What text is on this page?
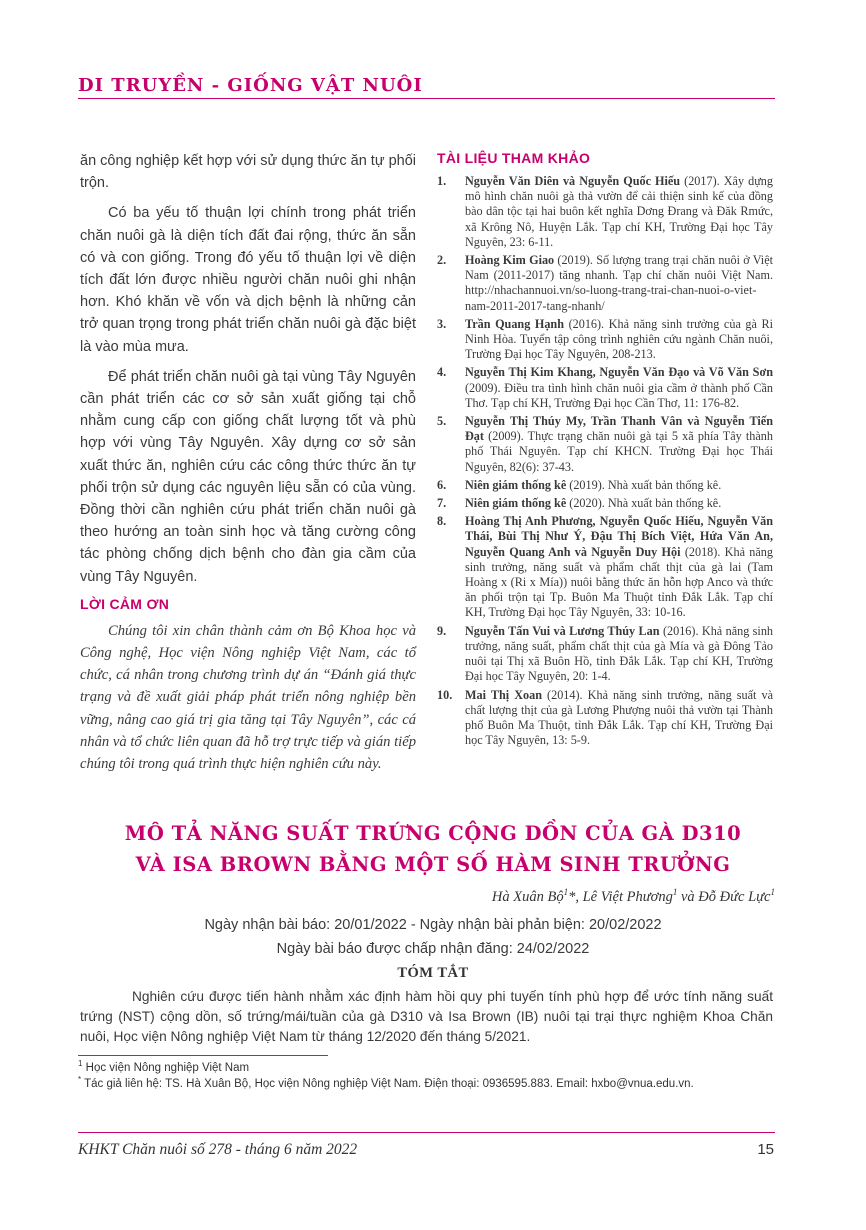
DI TRUYỀN - GIỐNG VẬT NUÔI

ăn công nghiệp kết hợp với sử dụng thức ăn tự phối trộn.

Có ba yếu tố thuận lợi chính trong phát triển chăn nuôi gà là diện tích đất đai rộng, thức ăn sẵn có và con giống. Trong đó yếu tố thuận lợi về diện tích đất lớn được nhiều người chăn nuôi ghi nhận hơn. Khó khăn về vốn và dịch bệnh là những cản trở quan trọng trong phát triển chăn nuôi gà đặc biệt là vào mùa mưa.

Để phát triển chăn nuôi gà tại vùng Tây Nguyên cần phát triển các cơ sở sản xuất giống tại chỗ nhằm cung cấp con giống chất lượng tốt và phù hợp với vùng Tây Nguyên. Xây dựng cơ sở sản xuất thức ăn, nghiên cứu các công thức thức ăn tự phối trộn sử dụng các nguyên liệu sẵn có của vùng. Đồng thời cần nghiên cứu phát triển chăn nuôi gà theo hướng an toàn sinh học và tăng cường công tác phòng chống dịch bệnh cho đàn gia cầm của vùng Tây Nguyên.

LỜI CẢM ƠN

Chúng tôi xin chân thành cảm ơn Bộ Khoa học và Công nghệ, Học viện Nông nghiệp Việt Nam, các tổ chức, cá nhân trong chương trình dự án “Đánh giá thực trạng và đề xuất giải pháp phát triển nông nghiệp bền vững, nâng cao giá trị gia tăng tại Tây Nguyên”, các cá nhân và tổ chức liên quan đã hỗ trợ trực tiếp và gián tiếp chúng tôi trong quá trình thực hiện nghiên cứu này.

TÀI LIỆU THAM KHẢO
1.	Nguyễn Văn Diên và Nguyễn Quốc Hiếu (2017). Xây dựng mô hình chăn nuôi gà thả vườn để cải thiện sinh kế của đồng bào dân tộc tại hai buôn kết nghĩa Dơng Đrang và Đăk Rmức, xã Krông Nô, Huyện Lắk. Tạp chí KH, Trường Đại học Tây Nguyên, 23: 6-11.
2.	Hoàng Kim Giao (2019). Số lượng trang trại chăn nuôi ở Việt Nam (2011-2017) tăng nhanh. Tạp chí chăn nuôi Việt Nam. http://nhachannuoi.vn/so-luong-trang-trai-chan-nuoi-o-viet-nam-2011-2017-tang-nhanh/
3.	Trần Quang Hạnh (2016). Khả năng sinh trưởng của gà Ri Ninh Hòa. Tuyển tập công trình nghiên cứu ngành Chăn nuôi, Trường Đại học Tây Nguyên, 208-213.
4.	Nguyễn Thị Kim Khang, Nguyễn Văn Đạo và Võ Văn Sơn (2009). Điều tra tình hình chăn nuôi gia cầm ở thành phố Cần Thơ. Tạp chí KH, Trường Đại học Cần Thơ, 11: 176-82.
5.	Nguyễn Thị Thúy My, Trần Thanh Vân và Nguyễn Tiến Đạt (2009). Thực trạng chăn nuôi gà tại 5 xã phía Tây thành phố Thái Nguyên. Tạp chí KHCN. Trường Đại học Thái Nguyên, 82(6): 37-43.
6.	Niên giám thống kê (2019). Nhà xuất bản thống kê.
7.	Niên giám thống kê (2020). Nhà xuất bản thống kê.
8.	Hoàng Thị Anh Phương, Nguyễn Quốc Hiếu, Nguyễn Văn Thái, Bùi Thị Như Ý, Đậu Thị Bích Việt, Hứa Văn An, Nguyễn Quang Anh và Nguyễn Duy Hội (2018). Khả năng sinh trưởng, năng suất và phẩm chất thịt của gà lai (Tam Hoàng x (Ri x Mía)) nuôi bằng thức ăn hỗn hợp Anco và thức ăn phối trộn tại Tp. Buôn Ma Thuột tỉnh Đắk Lắk. Tạp chí KH, Trường Đại học Tây Nguyên, 33: 10-16.
9.	Nguyễn Tấn Vui và Lương Thúy Lan (2016). Khả năng sinh trưởng, năng suất, phẩm chất thịt của gà Mía và gà Đông Tảo nuôi tại Thị xã Buôn Hồ, tỉnh Đắk Lắk. Tạp chí KH, Trường Đại học Tây Nguyên, 20: 1-4.
10.	Mai Thị Xoan (2014). Khả năng sinh trưởng, năng suất và chất lượng thịt của gà Lương Phượng nuôi thả vườn tại Thành phố Buôn Ma Thuột, tỉnh Đắk Lắk. Tạp chí KH, Trường Đại học Tây Nguyên, 13: 5-9.
MÔ TẢ NĂNG SUẤT TRỨNG CỘNG DỒN CỦA GÀ D310
VÀ ISA BROWN BẰNG MỘT SỐ HÀM SINH TRƯỞNG
Hà Xuân Bộ$^1$*, Lê Việt Phương$^1$ và Đỗ Đức Lực$^1$
Ngày nhận bài báo: 20/01/2022 - Ngày nhận bài phản biện: 20/02/2022
Ngày bài báo được chấp nhận đăng: 24/02/2022
TÓM TẮT

Nghiên cứu được tiến hành nhằm xác định hàm hồi quy phi tuyến tính phù hợp để ước tính năng suất trứng (NST) cộng dồn, số trứng/mái/tuần của gà D310 và Isa Brown (IB) nuôi tại trại thực nghiệm Khoa Chăn nuôi, Học viện Nông nghiệp Việt Nam từ tháng 12/2020 đến tháng 5/2021.

$^1$ Học viện Nông nghiệp Việt Nam
* Tác giả liên hệ: TS. Hà Xuân Bộ, Học viện Nông nghiệp Việt Nam. Điện thoại: 0936595.883. Email: hxbo@vnua.edu.vn.
KHKT Chăn nuôi số 278 - tháng 6 năm 2022	15
